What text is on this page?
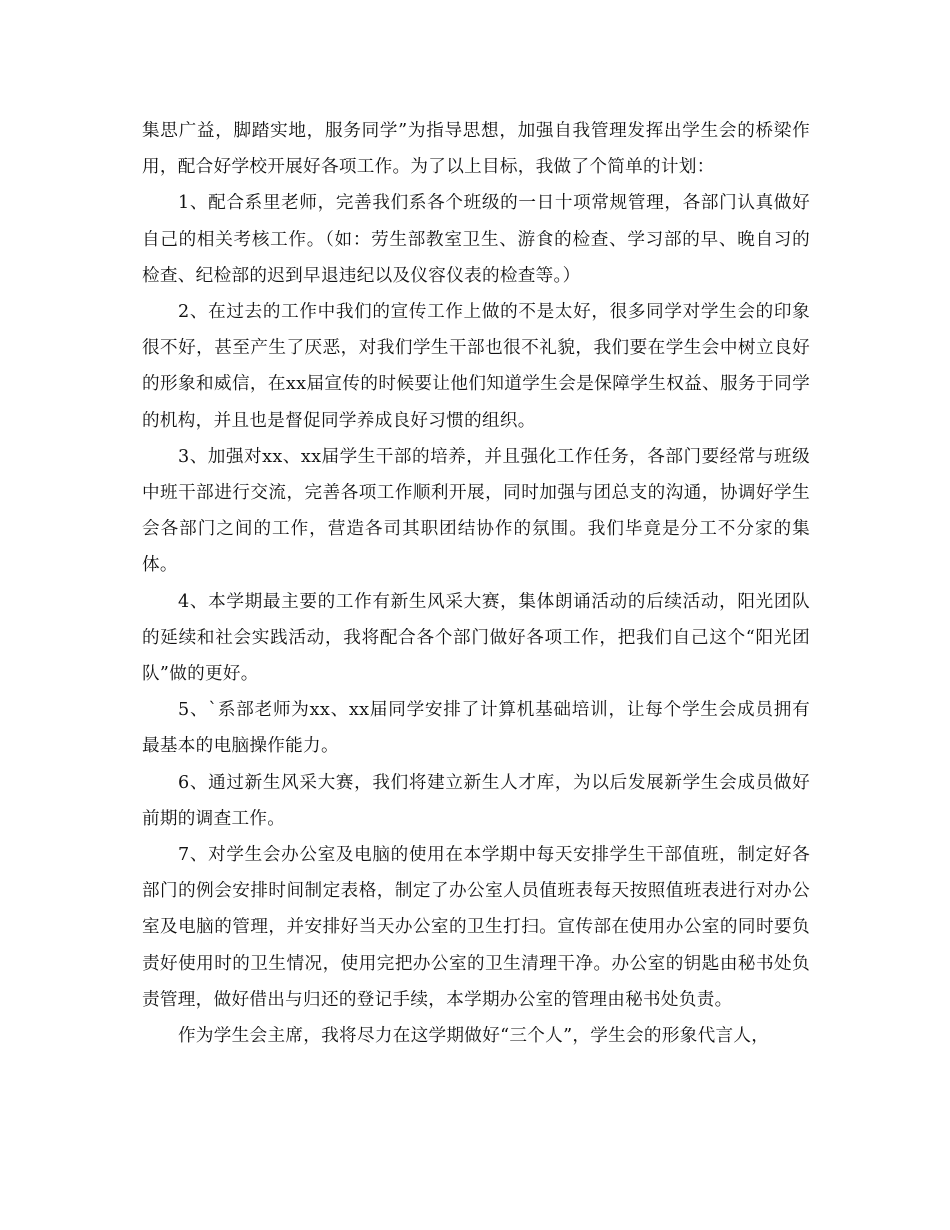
集思广益，脚踏实地，服务同学”为指导思想，加强自我管理发挥出学生会的桥梁作用，配合好学校开展好各项工作。为了以上目标，我做了个简单的计划：

1、配合系里老师，完善我们系各个班级的一日十项常规管理，各部门认真做好自己的相关考核工作。（如：劳生部教室卫生、游食的检查、学习部的早、晚自习的检查、纪检部的迟到早退违纪以及仪容仪表的检查等。）

2、在过去的工作中我们的宣传工作上做的不是太好，很多同学对学生会的印象很不好，甚至产生了厌恶，对我们学生干部也很不礼貌，我们要在学生会中树立良好的形象和威信，在xx届宣传的时候要让他们知道学生会是保障学生权益、服务于同学的机构，并且也是督促同学养成良好习惯的组织。

3、加强对xx、xx届学生干部的培养，并且强化工作任务，各部门要经常与班级中班干部进行交流，完善各项工作顺利开展，同时加强与团总支的沟通，协调好学生会各部门之间的工作，营造各司其职团结协作的氛围。我们毕竟是分工不分家的集体。

4、本学期最主要的工作有新生风采大赛，集体朗诵活动的后续活动，阳光团队的延续和社会实践活动，我将配合各个部门做好各项工作，把我们自己这个“阳光团队”做的更好。

5、`系部老师为xx、xx届同学安排了计算机基础培训，让每个学生会成员拥有最基本的电脑操作能力。

6、通过新生风采大赛，我们将建立新生人才库，为以后发展新学生会成员做好前期的调查工作。

7、对学生会办公室及电脑的使用在本学期中每天安排学生干部值班，制定好各部门的例会安排时间制定表格，制定了办公室人员值班表每天按照值班表进行对办公室及电脑的管理，并安排好当天办公室的卫生打扫。宣传部在使用办公室的同时要负责好使用时的卫生情况，使用完把办公室的卫生清理干净。办公室的钥匙由秘书处负责管理，做好借出与归还的登记手续，本学期办公室的管理由秘书处负责。

作为学生会主席，我将尽力在这学期做好“三个人”，学生会的形象代言人，
